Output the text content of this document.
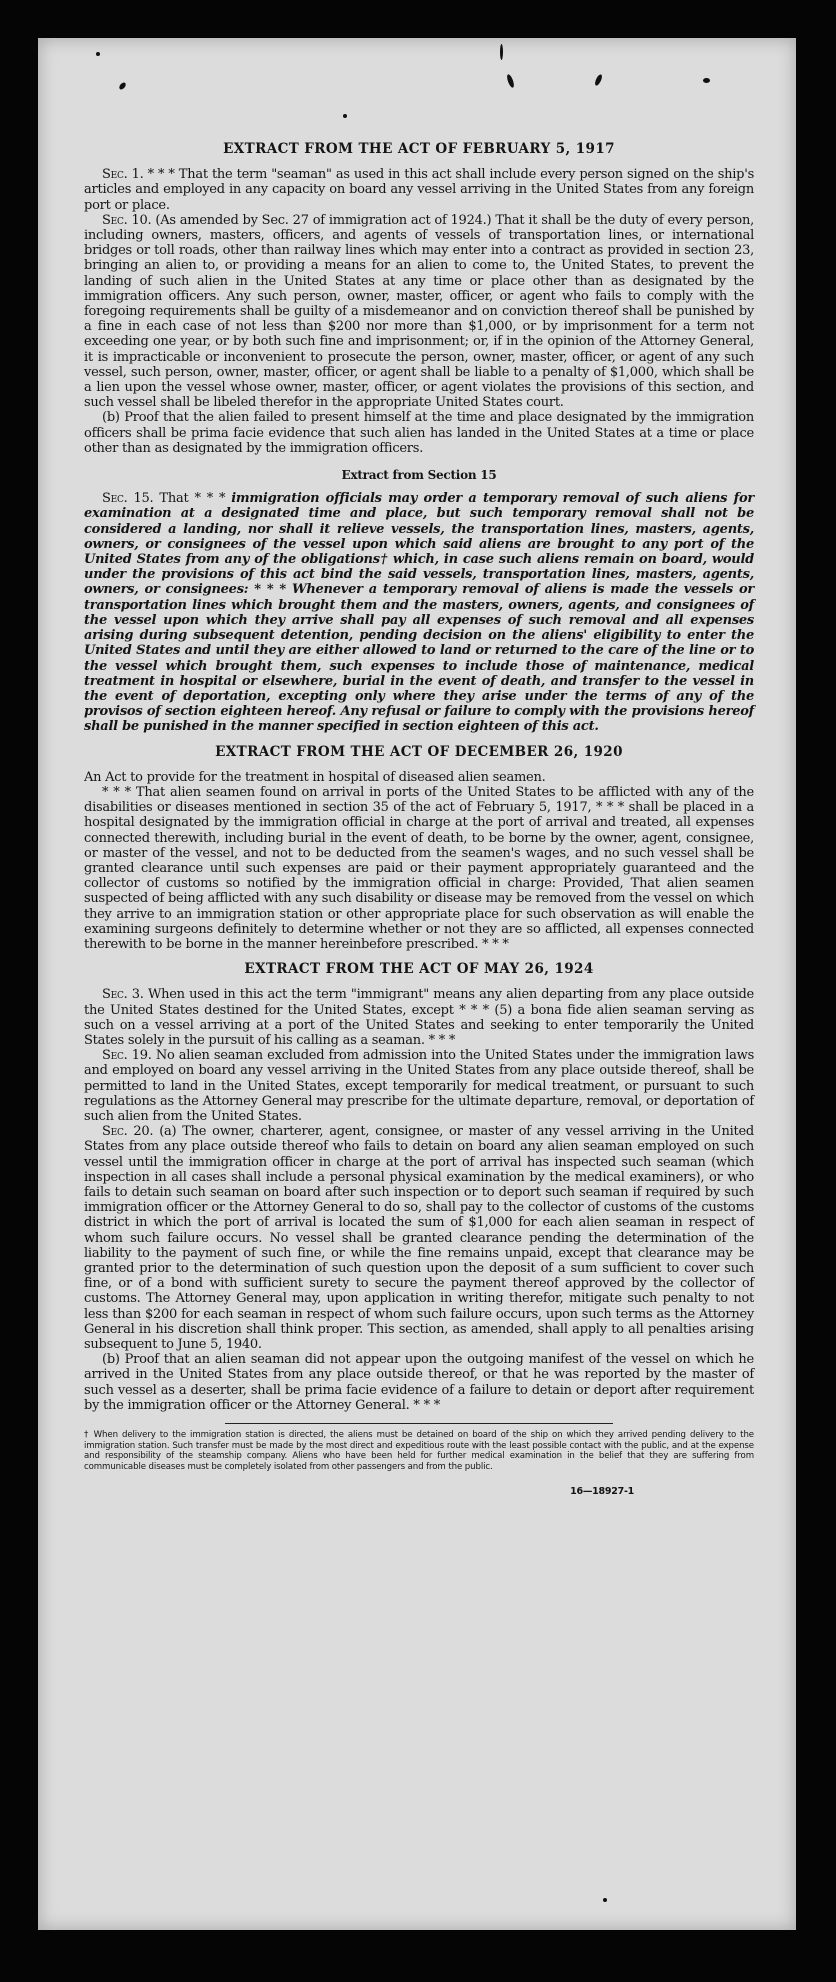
EXTRACT FROM THE ACT OF FEBRUARY 5, 1917

Sec. 1. * * * That the term "seaman" as used in this act shall include every person signed on the ship's articles and employed in any capacity on board any vessel arriving in the United States from any foreign port or place.

Sec. 10. (As amended by Sec. 27 of immigration act of 1924.) That it shall be the duty of every person, including owners, masters, officers, and agents of vessels of transportation lines, or international bridges or toll roads, other than railway lines which may enter into a contract as provided in section 23, bringing an alien to, or providing a means for an alien to come to, the United States, to prevent the landing of such alien in the United States at any time or place other than as designated by the immigration officers. Any such person, owner, master, officer, or agent who fails to comply with the foregoing requirements shall be guilty of a misdemeanor and on conviction thereof shall be punished by a fine in each case of not less than $200 nor more than $1,000, or by imprisonment for a term not exceeding one year, or by both such fine and imprisonment; or, if in the opinion of the Attorney General, it is impracticable or inconvenient to prosecute the person, owner, master, officer, or agent of any such vessel, such person, owner, master, officer, or agent shall be liable to a penalty of $1,000, which shall be a lien upon the vessel whose owner, master, officer, or agent violates the provisions of this section, and such vessel shall be libeled therefor in the appropriate United States court.

(b) Proof that the alien failed to present himself at the time and place designated by the immigration officers shall be prima facie evidence that such alien has landed in the United States at a time or place other than as designated by the immigration officers.

Extract from Section 15

Sec. 15. That * * * immigration officials may order a temporary removal of such aliens for examination at a designated time and place, but such temporary removal shall not be considered a landing, nor shall it relieve vessels, the transportation lines, masters, agents, owners, or consignees of the vessel upon which said aliens are brought to any port of the United States from any of the obligations† which, in case such aliens remain on board, would under the provisions of this act bind the said vessels, transportation lines, masters, agents, owners, or consignees: * * * Whenever a temporary removal of aliens is made the vessels or transportation lines which brought them and the masters, owners, agents, and consignees of the vessel upon which they arrive shall pay all expenses of such removal and all expenses arising during subsequent detention, pending decision on the aliens' eligibility to enter the United States and until they are either allowed to land or returned to the care of the line or to the vessel which brought them, such expenses to include those of maintenance, medical treatment in hospital or elsewhere, burial in the event of death, and transfer to the vessel in the event of deportation, excepting only where they arise under the terms of any of the provisos of section eighteen hereof. Any refusal or failure to comply with the provisions hereof shall be punished in the manner specified in section eighteen of this act.

EXTRACT FROM THE ACT OF DECEMBER 26, 1920

An Act to provide for the treatment in hospital of diseased alien seamen.

* * * That alien seamen found on arrival in ports of the United States to be afflicted with any of the disabilities or diseases mentioned in section 35 of the act of February 5, 1917, * * * shall be placed in a hospital designated by the immigration official in charge at the port of arrival and treated, all expenses connected therewith, including burial in the event of death, to be borne by the owner, agent, consignee, or master of the vessel, and not to be deducted from the seamen's wages, and no such vessel shall be granted clearance until such expenses are paid or their payment appropriately guaranteed and the collector of customs so notified by the immigration official in charge: Provided, That alien seamen suspected of being afflicted with any such disability or disease may be removed from the vessel on which they arrive to an immigration station or other appropriate place for such observation as will enable the examining surgeons definitely to determine whether or not they are so afflicted, all expenses connected therewith to be borne in the manner hereinbefore prescribed. * * *

EXTRACT FROM THE ACT OF MAY 26, 1924

Sec. 3. When used in this act the term "immigrant" means any alien departing from any place outside the United States destined for the United States, except * * * (5) a bona fide alien seaman serving as such on a vessel arriving at a port of the United States and seeking to enter temporarily the United States solely in the pursuit of his calling as a seaman. * * *

Sec. 19. No alien seaman excluded from admission into the United States under the immigration laws and employed on board any vessel arriving in the United States from any place outside thereof, shall be permitted to land in the United States, except temporarily for medical treatment, or pursuant to such regulations as the Attorney General may prescribe for the ultimate departure, removal, or deportation of such alien from the United States.

Sec. 20. (a) The owner, charterer, agent, consignee, or master of any vessel arriving in the United States from any place outside thereof who fails to detain on board any alien seaman employed on such vessel until the immigration officer in charge at the port of arrival has inspected such seaman (which inspection in all cases shall include a personal physical examination by the medical examiners), or who fails to detain such seaman on board after such inspection or to deport such seaman if required by such immigration officer or the Attorney General to do so, shall pay to the collector of customs of the customs district in which the port of arrival is located the sum of $1,000 for each alien seaman in respect of whom such failure occurs. No vessel shall be granted clearance pending the determination of the liability to the payment of such fine, or while the fine remains unpaid, except that clearance may be granted prior to the determination of such question upon the deposit of a sum sufficient to cover such fine, or of a bond with sufficient surety to secure the payment thereof approved by the collector of customs. The Attorney General may, upon application in writing therefor, mitigate such penalty to not less than $200 for each seaman in respect of whom such failure occurs, upon such terms as the Attorney General in his discretion shall think proper. This section, as amended, shall apply to all penalties arising subsequent to June 5, 1940.

(b) Proof that an alien seaman did not appear upon the outgoing manifest of the vessel on which he arrived in the United States from any place outside thereof, or that he was reported by the master of such vessel as a deserter, shall be prima facie evidence of a failure to detain or deport after requirement by the immigration officer or the Attorney General. * * *

† When delivery to the immigration station is directed, the aliens must be detained on board of the ship on which they arrived pending delivery to the immigration station. Such transfer must be made by the most direct and expeditious route with the least possible contact with the public, and at the expense and responsibility of the steamship company. Aliens who have been held for further medical examination in the belief that they are suffering from communicable diseases must be completely isolated from other passengers and from the public.
16—18927-1
